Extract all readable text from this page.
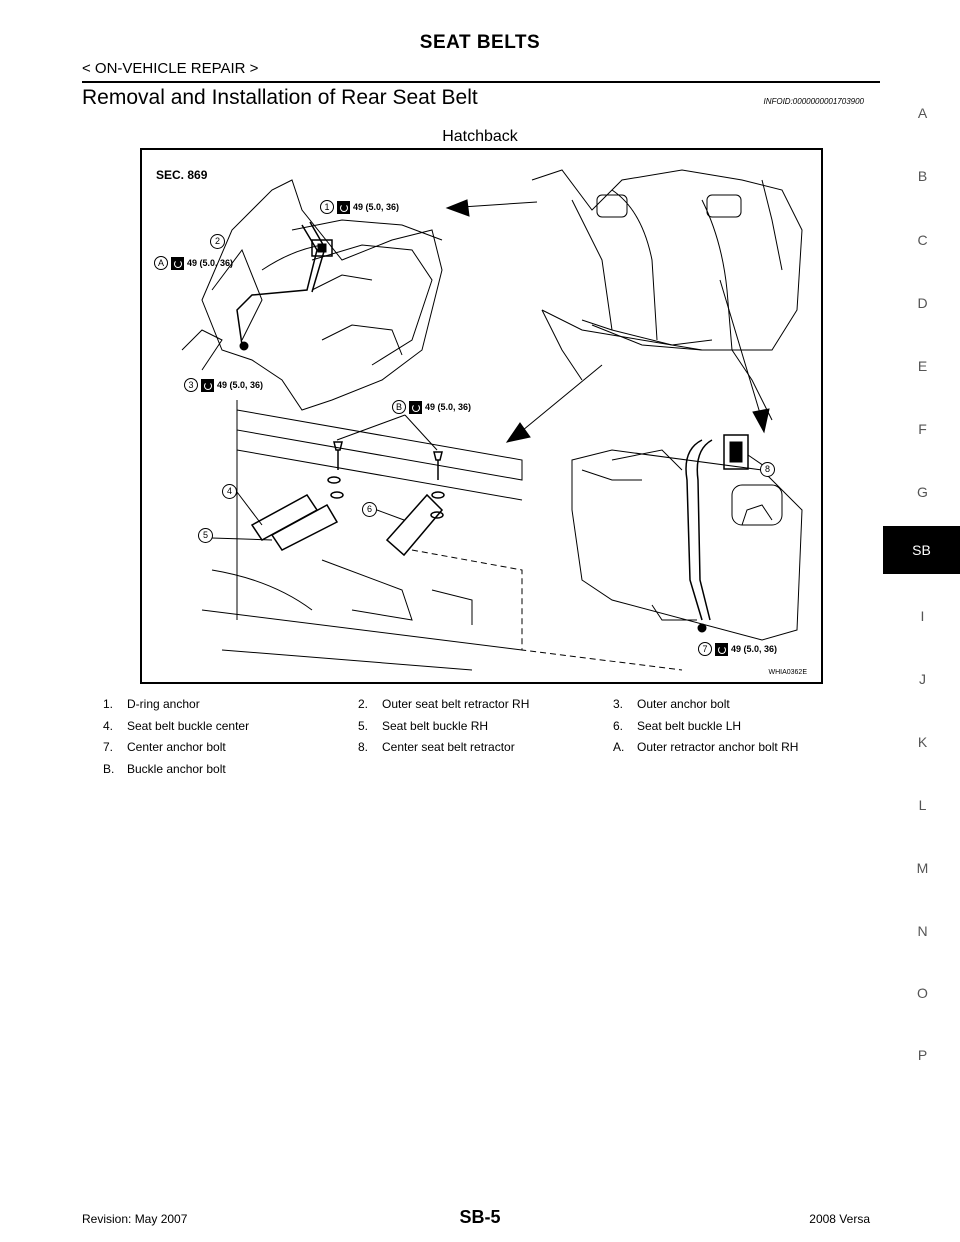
SEAT BELTS
< ON-VEHICLE REPAIR >
Removal and Installation of Rear Seat Belt	INFOID:0000000001703900
Hatchback
SEC. 869
1	49 (5.0, 36)
A	49 (5.0, 36)
3	49 (5.0, 36)
B	49 (5.0, 36)
7	49 (5.0, 36)
2
4
5
6
8
WHIA0362E
1.	D-ring anchor	2.	Outer seat belt retractor RH	3.	Outer anchor bolt
4.	Seat belt buckle center	5.	Seat belt buckle RH	6.	Seat belt buckle LH
7.	Center anchor bolt	8.	Center seat belt retractor	A.	Outer retractor anchor bolt RH
B.	Buckle anchor bolt
A
B
C
D
E
F
G
SB
I
J
K
L
M
N
O
P
Revision: May 2007	SB-5	2008 Versa
